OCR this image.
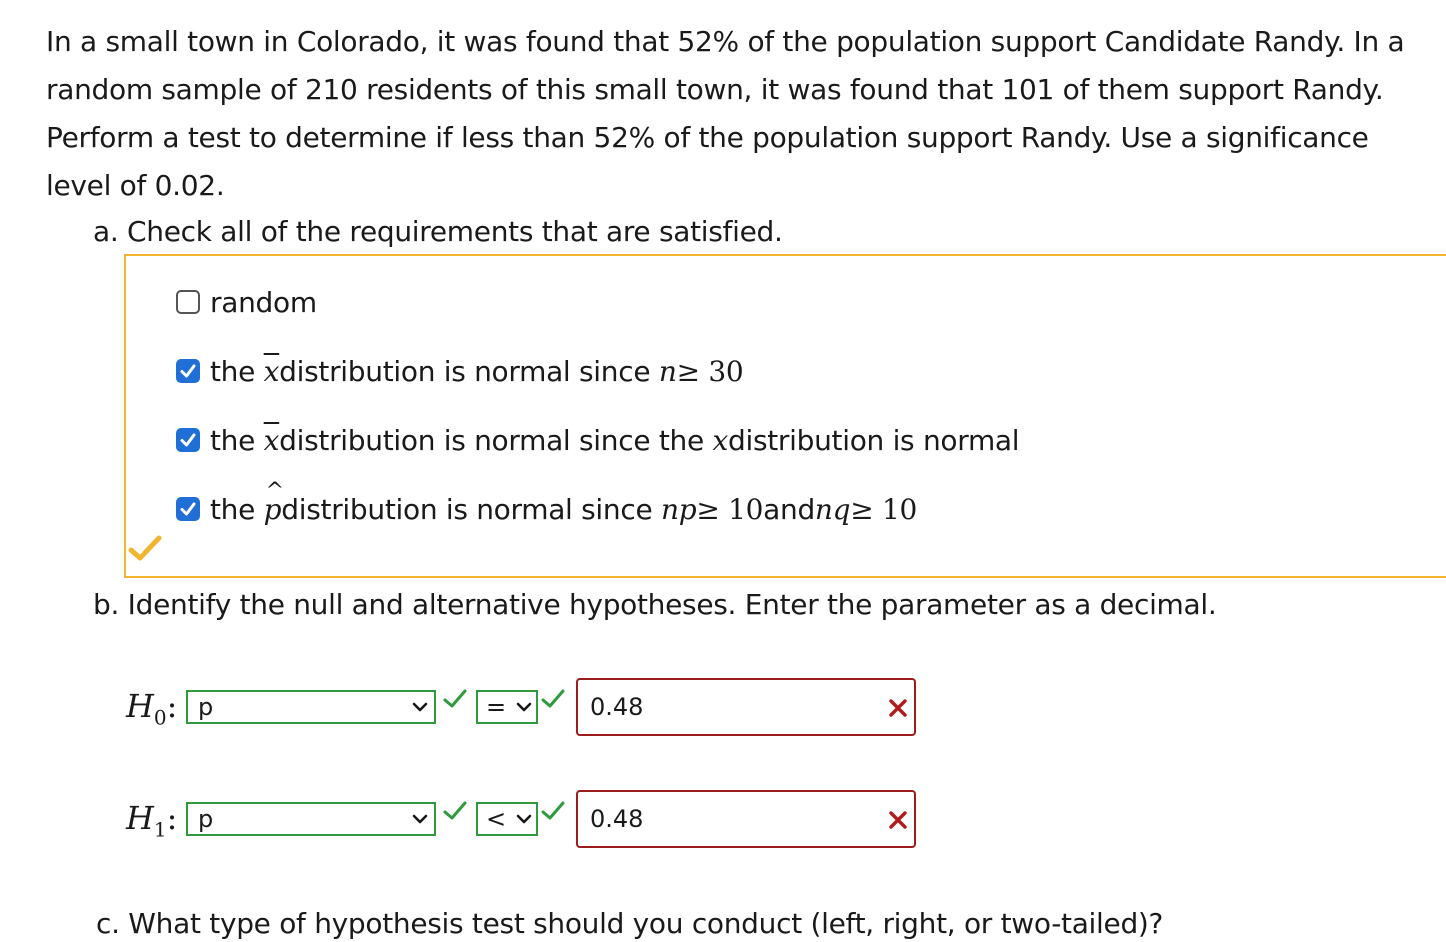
In a small town in Colorado, it was found that 52% of the population support Candidate Randy. In a random sample of 210 residents of this small town, it was found that 101 of them support Randy. Perform a test to determine if less than 52% of the population support Randy. Use a significance level of 0.02.

a. Check all of the requirements that are satisfied.

random
the
$\overline{x}$ distribution is normal since
n ≥ 30
the
$\overline{x}$ distribution is normal since the
x distribution is normal
the
^ p distribution is normal since
np ≥ 10 and nq ≥ 10

b. Identify the null and alternative hypotheses. Enter the parameter as a decimal.

$H_0$: p	=	0.48
$H_1$: p	<	0.48

c. What type of hypothesis test should you conduct (left, right, or two-tailed)?
